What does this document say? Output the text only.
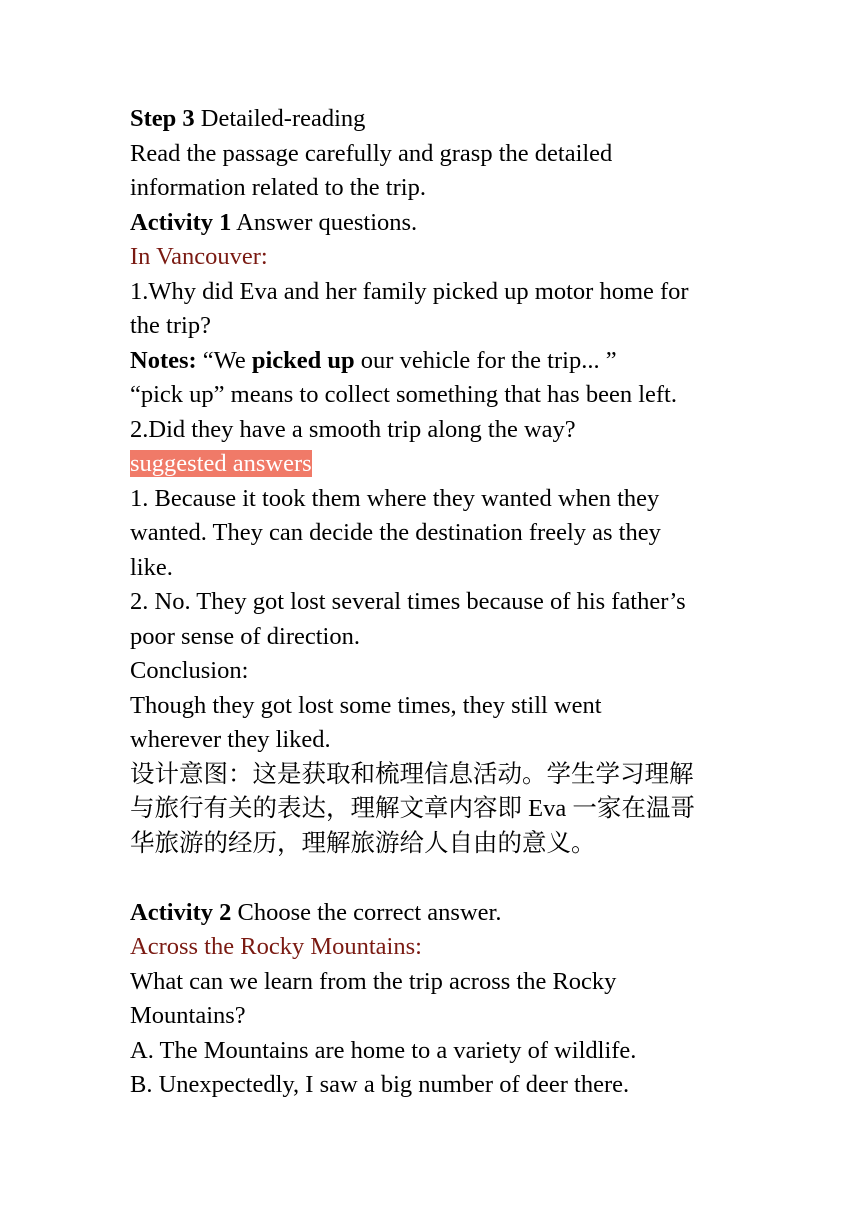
Step 3 Detailed-reading
Read the passage carefully and grasp the detailed
information related to the trip.
Activity 1 Answer questions.
In Vancouver:
1.Why did Eva and her family picked up motor home for
the trip?
Notes: “We picked up our vehicle for the trip... ”
“pick up” means to collect something that has been left.
2.Did they have a smooth trip along the way?
suggested answers
1. Because it took them where they wanted when they
wanted. They can decide the destination freely as they
like.
2. No. They got lost several times because of his father’s
poor sense of direction.
Conclusion:
Though they got lost some times, they still went
wherever they liked.
设计意图：这是获取和梳理信息活动。学生学习理解
与旅行有关的表达，理解文章内容即 Eva 一家在温哥
华旅游的经历，理解旅游给人自由的意义。
Activity 2 Choose the correct answer.
Across the Rocky Mountains:
What can we learn from the trip across the Rocky
Mountains?
A. The Mountains are home to a variety of wildlife.
B. Unexpectedly, I saw a big number of deer there.
